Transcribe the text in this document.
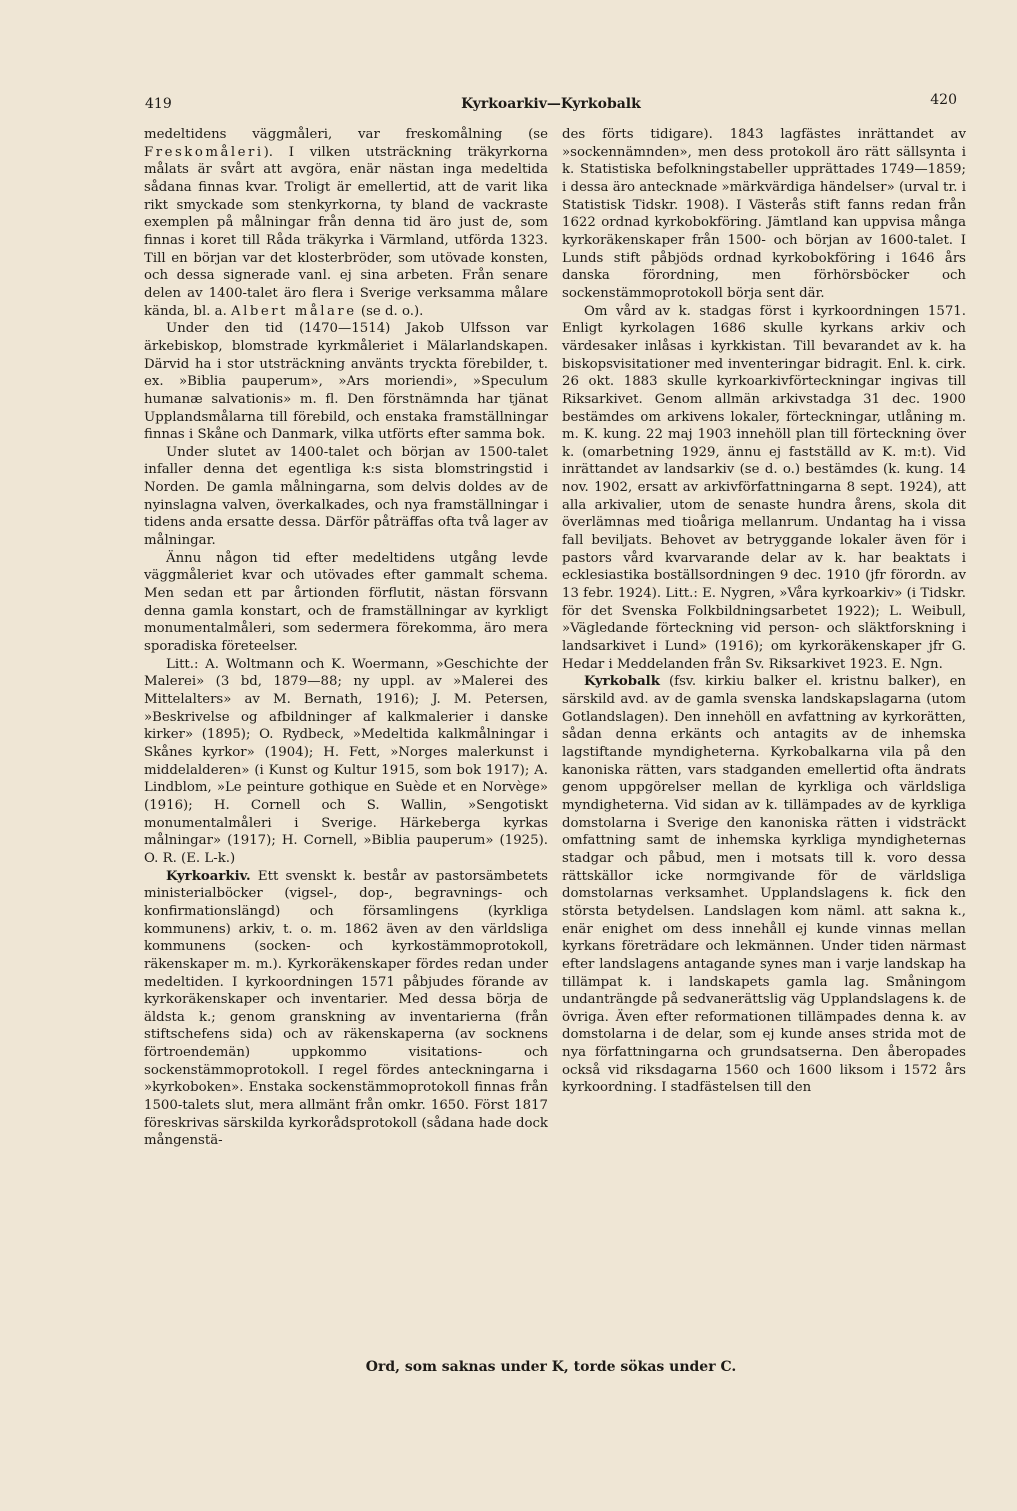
419	Kyrkoarkiv—Kyrkobalk	420

medeltidens väggmåleri, var freskomålning (se Freskomåleri). I vilken utsträckning träkyrkorna målats är svårt att avgöra, enär nästan inga medeltida sådana finnas kvar. Troligt är emellertid, att de varit lika rikt smyckade som stenkyrkorna, ty bland de vackraste exemplen på målningar från denna tid äro just de, som finnas i koret till Råda träkyrka i Värmland, utförda 1323. Till en början var det klosterbröder, som utövade konsten, och dessa signerade vanl. ej sina arbeten. Från senare delen av 1400-talet äro flera i Sverige verksamma målare kända, bl. a. Albert målare (se d. o.).

Under den tid (1470—1514) Jakob Ulfsson var ärkebiskop, blomstrade kyrkmåleriet i Mälarlandskapen. Därvid ha i stor utsträckning använts tryckta förebilder, t. ex. »Biblia pauperum», »Ars moriendi», »Speculum humanæ salvationis» m. fl. Den förstnämnda har tjänat Upplandsmålarna till förebild, och enstaka framställningar finnas i Skåne och Danmark, vilka utförts efter samma bok.

Under slutet av 1400-talet och början av 1500-talet infaller denna det egentliga k:s sista blomstringstid i Norden. De gamla målningarna, som delvis doldes av de nyinslagna valven, överkalkades, och nya framställningar i tidens anda ersatte dessa. Därför påträffas ofta två lager av målningar.

Ännu någon tid efter medeltidens utgång levde väggmåleriet kvar och utövades efter gammalt schema. Men sedan ett par årtionden förflutit, nästan försvann denna gamla konstart, och de framställningar av kyrkligt monumentalmåleri, som sedermera förekomma, äro mera sporadiska företeelser.

Litt.: A. Woltmann och K. Woermann, »Geschichte der Malerei» (3 bd, 1879—88; ny uppl. av »Malerei des Mittelalters» av M. Bernath, 1916); J. M. Petersen, »Beskrivelse og afbildninger af kalkmalerier i danske kirker» (1895); O. Rydbeck, »Medeltida kalkmålningar i Skånes kyrkor» (1904); H. Fett, »Norges malerkunst i middelalderen» (i Kunst og Kultur 1915, som bok 1917); A. Lindblom, »Le peinture gothique en Suède et en Norvège» (1916); H. Cornell och S. Wallin, »Sengotiskt monumentalmåleri i Sverige. Härkeberga kyrkas målningar» (1917); H. Cornell, »Biblia pauperum» (1925). O. R. (E. L-k.)

Kyrkoarkiv. Ett svenskt k. består av pastorsämbetets ministerialböcker (vigsel-, dop-, begravnings- och konfirmationslängd) och församlingens (kyrkliga kommunens) arkiv, t. o. m. 1862 även av den världsliga kommunens (socken- och kyrkostämmoprotokoll, räkenskaper m. m.). Kyrkoräkenskaper fördes redan under medeltiden. I kyrkoordningen 1571 påbjudes förande av kyrkoräkenskaper och inventarier. Med dessa börja de äldsta k.; genom granskning av inventarierna (från stiftschefens sida) och av räkenskaperna (av socknens förtroendemän) uppkommo visitations- och sockenstämmoprotokoll. I regel fördes anteckningarna i »kyrkoboken». Enstaka sockenstämmoprotokoll finnas från 1500-talets slut, mera allmänt från omkr. 1650. Först 1817 föreskrivas särskilda kyrkorådsprotokoll (sådana hade dock mångenstä-

des förts tidigare). 1843 lagfästes inrättandet av »sockennämnden», men dess protokoll äro rätt sällsynta i k. Statistiska befolkningstabeller upprättades 1749—1859; i dessa äro antecknade »märkvärdiga händelser» (urval tr. i Statistisk Tidskr. 1908). I Västerås stift fanns redan från 1622 ordnad kyrkobokföring. Jämtland kan uppvisa många kyrkoräkenskaper från 1500- och början av 1600-talet. I Lunds stift påbjöds ordnad kyrkobokföring i 1646 års danska förordning, men förhörsböcker och sockenstämmoprotokoll börja sent där.

Om vård av k. stadgas först i kyrkoordningen 1571. Enligt kyrkolagen 1686 skulle kyrkans arkiv och värdesaker inlåsas i kyrkkistan. Till bevarandet av k. ha biskopsvisitationer med inventeringar bidragit. Enl. k. cirk. 26 okt. 1883 skulle kyrkoarkivförteckningar ingivas till Riksarkivet. Genom allmän arkivstadga 31 dec. 1900 bestämdes om arkivens lokaler, förteckningar, utlåning m. m. K. kung. 22 maj 1903 innehöll plan till förteckning över k. (omarbetning 1929, ännu ej fastställd av K. m:t). Vid inrättandet av landsarkiv (se d. o.) bestämdes (k. kung. 14 nov. 1902, ersatt av arkivförfattningarna 8 sept. 1924), att alla arkivalier, utom de senaste hundra årens, skola dit överlämnas med tioåriga mellanrum. Undantag ha i vissa fall beviljats. Behovet av betryggande lokaler även för i pastors vård kvarvarande delar av k. har beaktats i ecklesiastika boställsordningen 9 dec. 1910 (jfr förordn. av 13 febr. 1924). Litt.: E. Nygren, »Våra kyrkoarkiv» (i Tidskr. för det Svenska Folkbildningsarbetet 1922); L. Weibull, »Vägledande förteckning vid person- och släktforskning i landsarkivet i Lund» (1916); om kyrkoräkenskaper jfr G. Hedar i Meddelanden från Sv. Riksarkivet 1923. E. Ngn.

Kyrkobalk (fsv. kirkiu balker el. kristnu balker), en särskild avd. av de gamla svenska landskapslagarna (utom Gotlandslagen). Den innehöll en avfattning av kyrkorätten, sådan denna erkänts och antagits av de inhemska lagstiftande myndigheterna. Kyrkobalkarna vila på den kanoniska rätten, vars stadganden emellertid ofta ändrats genom uppgörelser mellan de kyrkliga och världsliga myndigheterna. Vid sidan av k. tillämpades av de kyrkliga domstolarna i Sverige den kanoniska rätten i vidsträckt omfattning samt de inhemska kyrkliga myndigheternas stadgar och påbud, men i motsats till k. voro dessa rättskällor icke normgivande för de världsliga domstolarnas verksamhet. Upplandslagens k. fick den största betydelsen. Landslagen kom näml. att sakna k., enär enighet om dess innehåll ej kunde vinnas mellan kyrkans företrädare och lekmännen. Under tiden närmast efter landslagens antagande synes man i varje landskap ha tillämpat k. i landskapets gamla lag. Småningom undanträngde på sedvanerättslig väg Upplandslagens k. de övriga. Även efter reformationen tillämpades denna k. av domstolarna i de delar, som ej kunde anses strida mot de nya författningarna och grundsatserna. Den åberopades också vid riksdagarna 1560 och 1600 liksom i 1572 års kyrkoordning. I stadfästelsen till den

Ord, som saknas under K, torde sökas under C.
